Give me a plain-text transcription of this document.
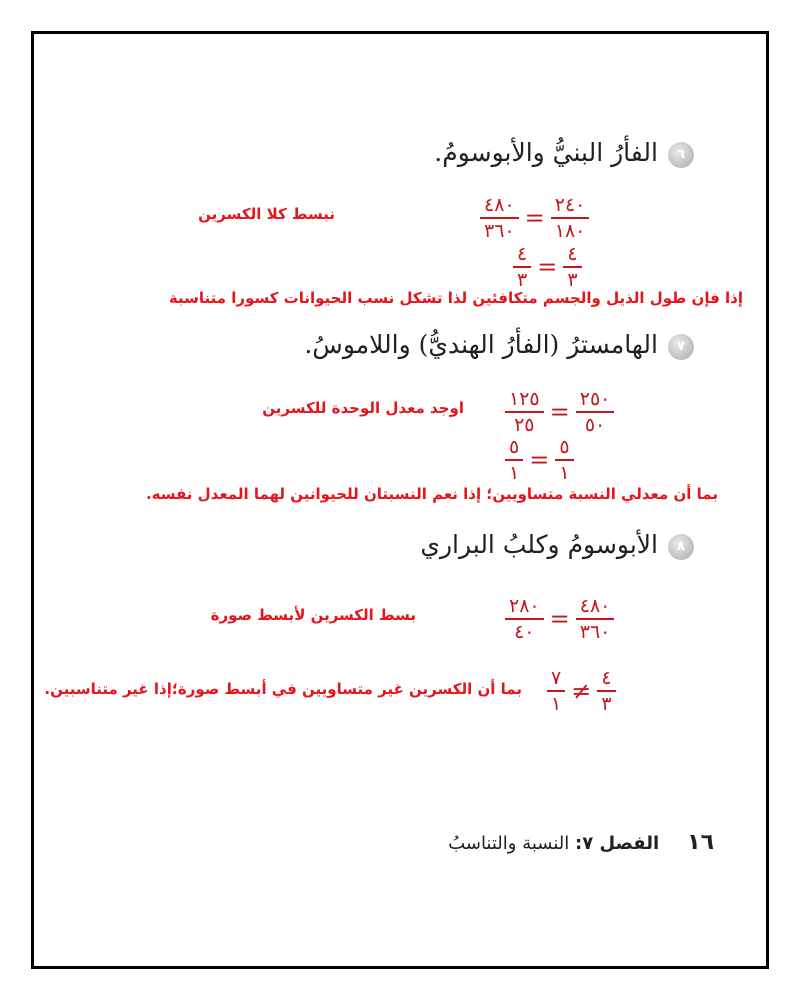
٦الفأرُ البنيُّ والأبوسومُ.
$\frac{٤٨٠}{٣٦٠} = \frac{٢٤٠}{١٨٠}$
نبسط كلا الكسرين
$\frac{٤}{٣} = \frac{٤}{٣}$
إذا فإن طول الذيل والجسم متكافئين لذا تشكل نسب الحيوانات كسورا متناسبة
٧الهامسترُ (الفأرُ الهنديُّ) واللاموسُ.
$\frac{١٢٥}{٢٥} = \frac{٢٥٠}{٥٠}$
اوجد معدل الوحدة للكسرين
$\frac{٥}{١} = \frac{٥}{١}$
بما أن معدلي النسبة متساويين؛ إذا نعم النسبتان للحيوانين لهما المعدل نفسه.
٨الأبوسومُ وكلبُ البراري
$\frac{٢٨٠}{٤٠} = \frac{٤٨٠}{٣٦٠}$
بسط الكسرين لأبسط صورة
$\frac{٧}{١} \ne \frac{٤}{٣}$
بما أن الكسرين غير متساويين في أبسط صورة؛إذا غير متناسبين.
١٦الفصل ٧: النسبة والتناسبُ
